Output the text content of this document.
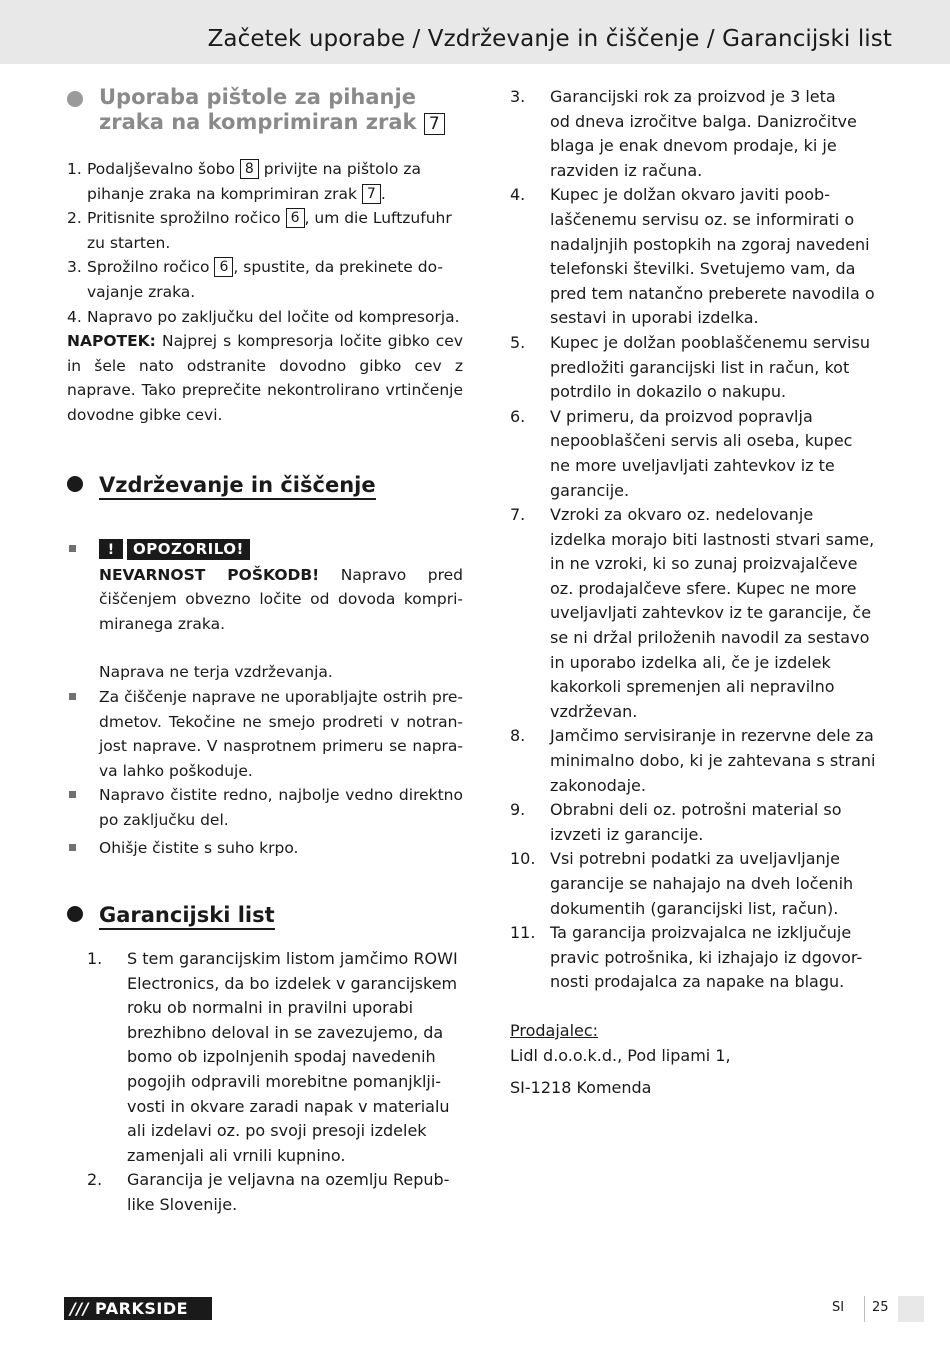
Začetek uporabe / Vzdrževanje in čiščenje / Garancijski list
Uporaba pištole za pihanje
zraka na komprimiran zrak 7
1. Podaljševalno šobo 8 privijte na pištolo za
pihanje zraka na komprimiran zrak 7 .
2. Pritisnite sprožilno ročico 6 , um die Luftzufuhr
zu starten.
3. Sprožilno ročico 6 , spustite, da prekinete do-
vajanje zraka.
4. Napravo po zaključku del ločite od kompresorja.
NAPOTEK: Najprej s kompresorja ločite gibko cev in šele nato odstranite dovodno gibko cev z naprave. Tako preprečite nekontrolirano vrtinčenje dovodne gibke cevi.
Vzdrževanje in čiščenje
! OPOZORILO!
NEVARNOST POŠKODB! Napravo pred čiščenjem obvezno ločite od dovoda kompri-miranega zraka.
Naprava ne terja vzdrževanja.
Za čiščenje naprave ne uporabljajte ostrih pre-dmetov. Tekočine ne smejo prodreti v notran-jost naprave. V nasprotnem primeru se napra-va lahko poškoduje.
Napravo čistite redno, najbolje vedno direktno po zaključku del.
Ohišje čistite s suho krpo.
Garancijski list
1. S tem garancijskim listom jamčimo ROWI
Electronics, da bo izdelek v garancijskem
roku ob normalni in pravilni uporabi
brezhibno deloval in se zavezujemo, da
bomo ob izpolnjenih spodaj navedenih
pogojih odpravili morebitne pomanjklji-
vosti in okvare zaradi napak v materialu
ali izdelavi oz. po svoji presoji izdelek
zamenjali ali vrnili kupnino.
2. Garancija je veljavna na ozemlju Repub-
like Slovenije.
3. Garancijski rok za proizvod je 3 leta
od dneva izročitve balga. Danizročitve
blaga je enak dnevom prodaje, ki je
razviden iz računa.
4. Kupec je dolžan okvaro javiti poob-
laščenemu servisu oz. se informirati o
nadaljnjih postopkih na zgoraj navedeni
telefonski številki. Svetujemo vam, da
pred tem natančno preberete navodila o
sestavi in uporabi izdelka.
5. Kupec je dolžan pooblaščenemu servisu
predložiti garancijski list in račun, kot
potrdilo in dokazilo o nakupu.
6. V primeru, da proizvod popravlja
nepooblaščeni servis ali oseba, kupec
ne more uveljavljati zahtevkov iz te
garancije.
7. Vzroki za okvaro oz. nedelovanje
izdelka morajo biti lastnosti stvari same,
in ne vzroki, ki so zunaj proizvajalčeve
oz. prodajalčeve sfere. Kupec ne more
uveljavljati zahtevkov iz te garancije, če
se ni držal priloženih navodil za sestavo
in uporabo izdelka ali, če je izdelek
kakorkoli spremenjen ali nepravilno
vzdrževan.
8. Jamčimo servisiranje in rezervne dele za
minimalno dobo, ki je zahtevana s strani
zakonodaje.
9. Obrabni deli oz. potrošni material so
izvzeti iz garancije.
10. Vsi potrebni podatki za uveljavljanje
garancije se nahajajo na dveh ločenih
dokumentih (garancijski list, račun).
11. Ta garancija proizvajalca ne izključuje
pravic potrošnika, ki izhajajo iz dgovor-
nosti prodajalca za napake na blagu.
Prodajalec:
Lidl d.o.o.k.d., Pod lipami 1,
SI-1218 Komenda
/// PARKSIDE	SI 25
